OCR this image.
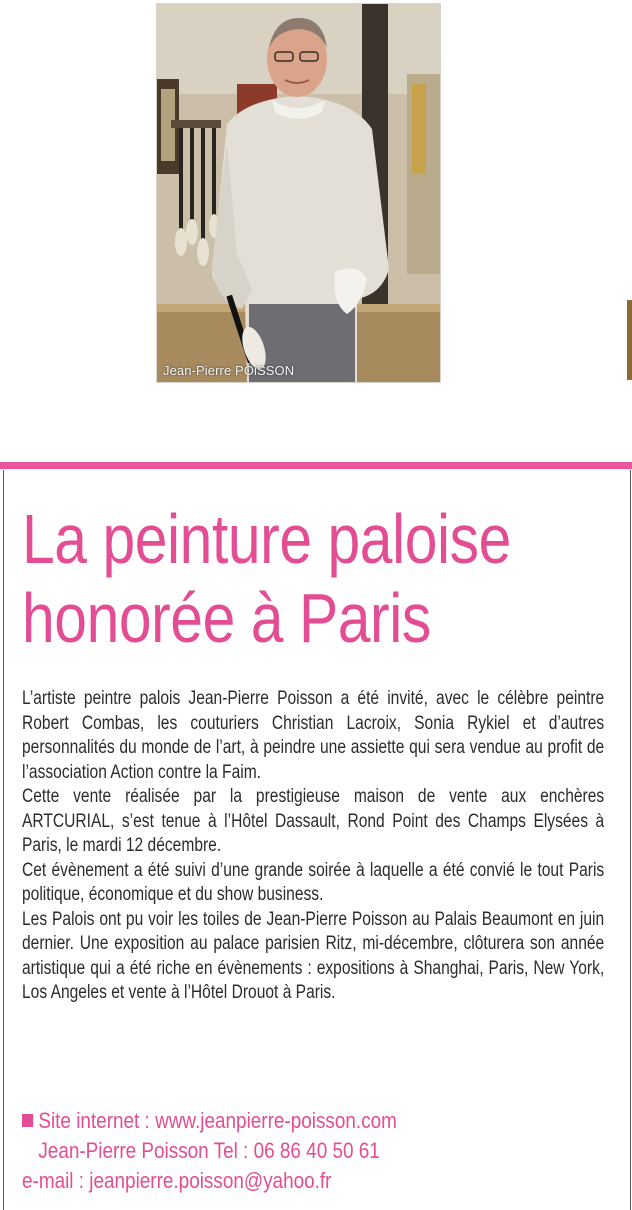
Jean-Pierre POiSSON
La peinture paloise
honorée à Paris

L’artiste peintre palois Jean-Pierre Poisson a été invité, avec le célèbre peintre Robert Combas, les couturiers Christian Lacroix, Sonia Rykiel et d’autres personnalités du monde de l’art, à peindre une assiette qui sera vendue au profit de l’association Action contre la Faim.

Cette vente réalisée par la prestigieuse maison de vente aux enchères ARTCURIAL, s’est tenue à l’Hôtel Dassault, Rond Point des Champs Elysées à Paris, le mardi 12 décembre.

Cet évènement a été suivi d’une grande soirée à laquelle a été convié le tout Paris politique, économique et du show business.

Les Palois ont pu voir les toiles de Jean-Pierre Poisson au Palais Beaumont en juin dernier. Une exposition au palace parisien Ritz, mi-décembre, clôturera son année artistique qui a été riche en évènements : expositions à Shanghai, Paris, New York, Los Angeles et vente à l’Hôtel Drouot à Paris.

Site internet : www.jeanpierre-poisson.com
Jean-Pierre Poisson Tel : 06 86 40 50 61
e-mail : jeanpierre.poisson@yahoo.fr
